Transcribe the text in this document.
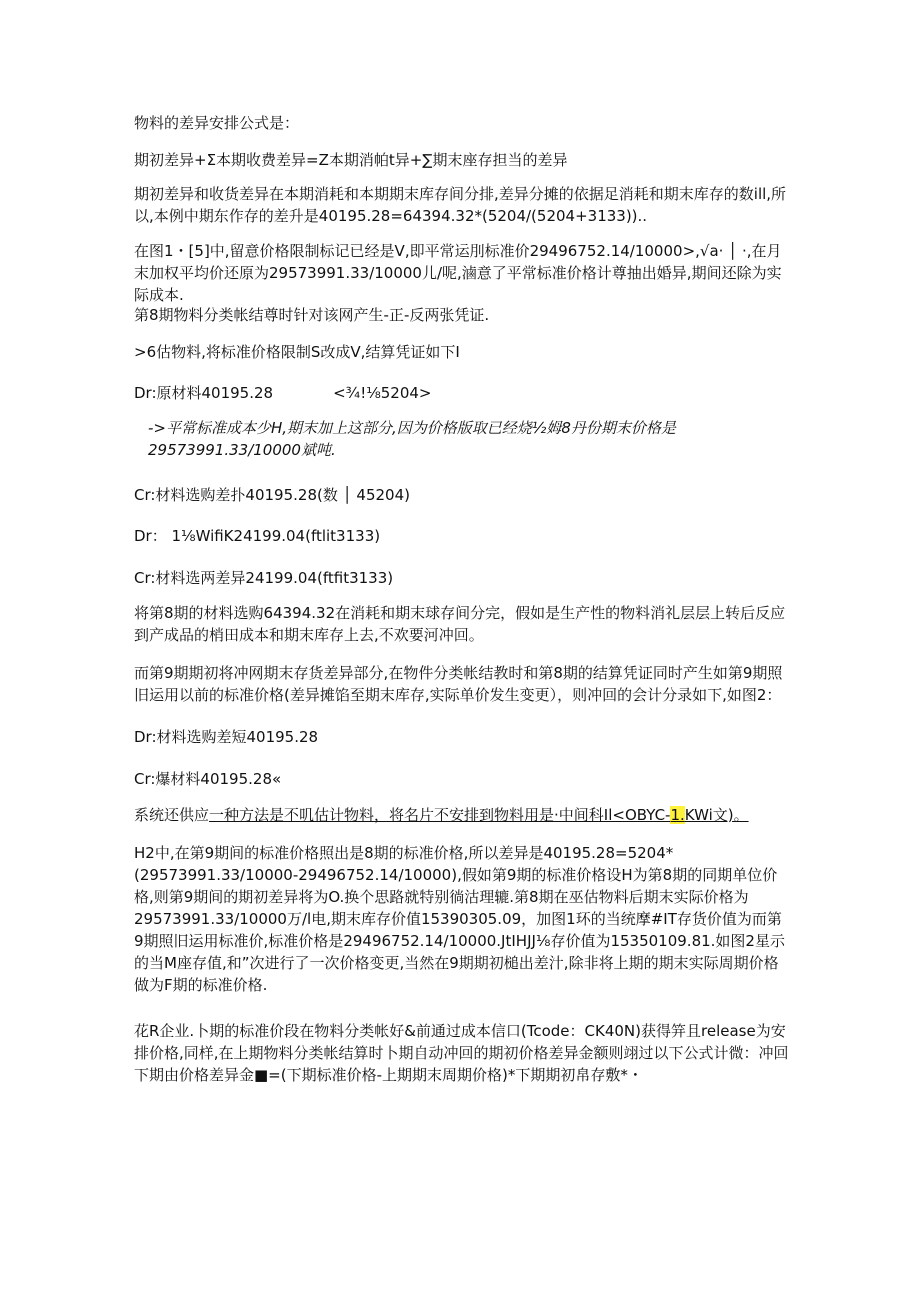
物料的差异安排公式是：
期初差异+Σ本期收费差异=Z本期消帕t异+∑期末座存担当的差异
期初差异和收货差异在本期消耗和本期期末库存间分排,差异分摊的依据足消耗和期末库存的数ill,所以,本例中期东作存的差升是40195.28=64394.32*(5204/(5204+3133))..
在图1・[5]中,留意价格限制标记已经是V,即平常运刖标准价29496752.14/10000>,√a· │ ·,在月末加权平均价还原为29573991.33/10000儿/呢,滷意了平常标准价格计尊抽出婚异,期间还除为实际成本.
第8期物料分类帐结尊时针对该网产生-正-反两张凭证.
>6估物料,将标准价格限制S改成V,结算凭证如下I
Dr:原材料40195.28	<¾!⅛5204>
->平常标准成本少H,期末加上这部分,因为价格版取已经烧½姆8丹份期末价格是29573991.33/10000斌吨.
Cr:材料选购差扑40195.28(数 │ 45204)
Dr： 1⅛WifiK24199.04(ftlit3133)
Cr:材料选两差异24199.04(ftfit3133)
将第8期的材料选购64394.32在消耗和期末球存间分完，假如是生产性的物料消礼层层上转后反应到产成品的梢田成本和期末库存上去,不欢要河冲回。
而第9期期初将冲网期末存货差异部分,在物件分类帐结教时和第8期的结算凭证同时产生如第9期照旧运用以前的标准价格(差异摊馅至期末库存,实际单价发生变更），则冲回的会计分录如下,如图2：
Dr:材料选购差短40195.28
Cr:爆材料40195.28«
系统还供应一种方法是不叽估计物料，将名片不安排到物料用是·中间科Il<OBYC-1.KWi文)。
H2中,在第9期间的标准价格照出是8期的标准价格,所以差异是40195.28=5204*(29573991.33/10000-29496752.14/10000),假如第9期的标准价格设H为第8期的同期单位价格,则第9期间的期初差异将为O.换个思路就特别徜沽理辘.第8期在巫估物料后期末实际价格为29573991.33/10000万/l电,期末库存价值15390305.09，加图1环的当统摩#IT存货价值为而第9期照旧运用标准价,标准价格是29496752.14/10000.JtIHJJ⅛存价值为15350109.81.如图2星示的当M座存值,和”次进行了一次价格变更,当然在9期期初槌出差汁,除非将上期的期末实际周期价格做为F期的标准价格.
花R企业.卜期的标准价段在物料分类帐好&前通过成本信口(Tcode：CK40N)获得笄且release为安排价格,同样,在上期物料分类帐结算时卜期自动冲回的期初价格差异金额则翊过以下公式计微：冲回下期由价格差异金■=(下期标准价格-上期期末周期价格)*下期期初帛存敷*・
